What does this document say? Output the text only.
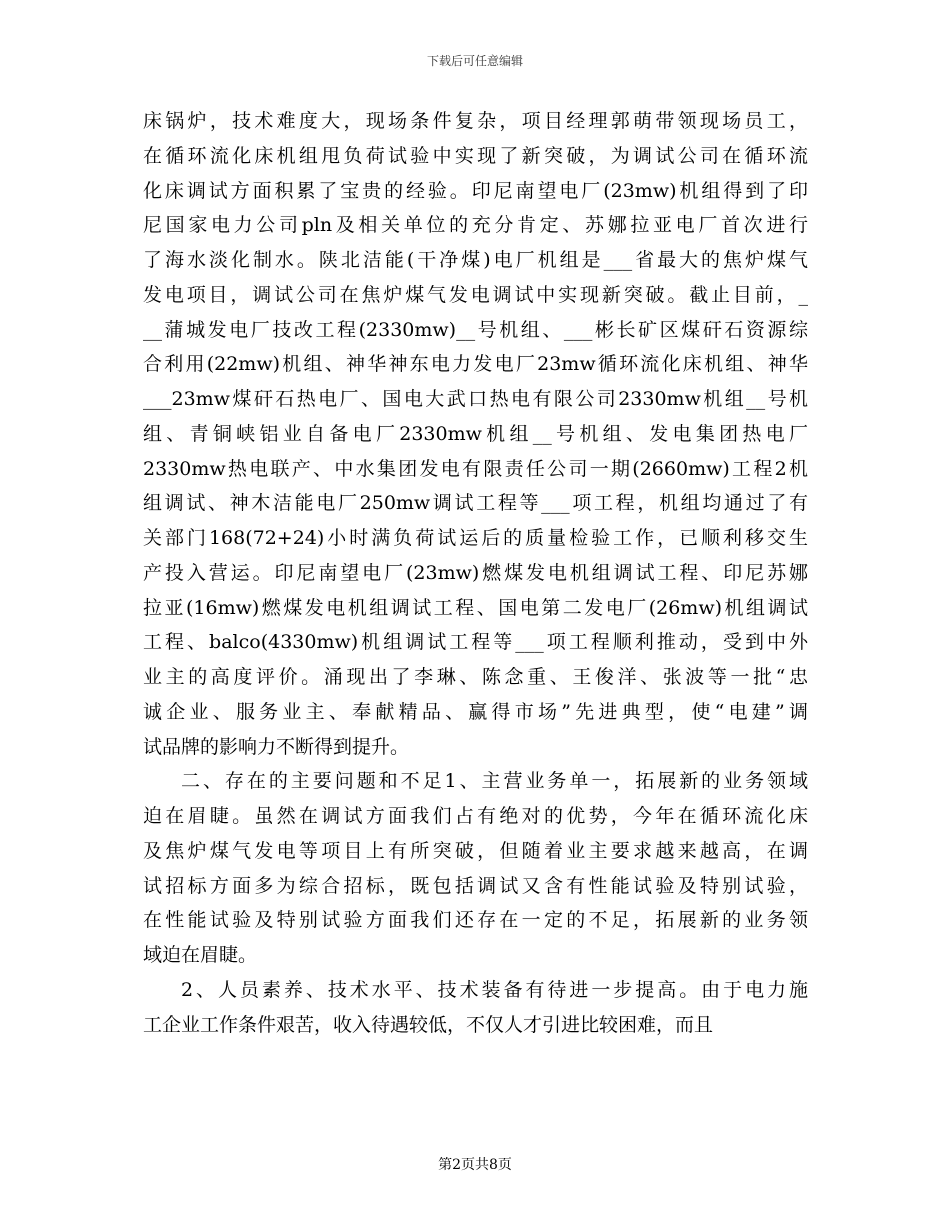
下载后可任意编辑
床锅炉，技术难度大，现场条件复杂，项目经理郭萌带领现场员工，
在循环流化床机组甩负荷试验中实现了新突破，为调试公司在循环流
化床调试方面积累了宝贵的经验。印尼南望电厂(23mw)机组得到了印
尼国家电力公司pln及相关单位的充分肯定、苏娜拉亚电厂首次进行
了海水淡化制水。陕北洁能(干净煤)电厂机组是___省最大的焦炉煤气
发电项目，调试公司在焦炉煤气发电调试中实现新突破。截止目前，_
__蒲城发电厂技改工程(2330mw)__号机组、___彬长矿区煤矸石资源综
合利用(22mw)机组、神华神东电力发电厂23mw循环流化床机组、神华
___23mw煤矸石热电厂、国电大武口热电有限公司2330mw机组__号机
组、青铜峡铝业自备电厂2330mw机组__号机组、发电集团热电厂
2330mw热电联产、中水集团发电有限责任公司一期(2660mw)工程2机
组调试、神木洁能电厂250mw调试工程等___项工程，机组均通过了有
关部门168(72+24)小时满负荷试运后的质量检验工作，已顺利移交生
产投入营运。印尼南望电厂(23mw)燃煤发电机组调试工程、印尼苏娜
拉亚(16mw)燃煤发电机组调试工程、国电第二发电厂(26mw)机组调试
工程、balco(4330mw)机组调试工程等___项工程顺利推动，受到中外
业主的高度评价。涌现出了李琳、陈念重、王俊洋、张波等一批“忠
诚企业、服务业主、奉献精品、赢得市场”先进典型，使“电建”调
试品牌的影响力不断得到提升。
二、存在的主要问题和不足1、主营业务单一，拓展新的业务领域
迫在眉睫。虽然在调试方面我们占有绝对的优势，今年在循环流化床
及焦炉煤气发电等项目上有所突破，但随着业主要求越来越高，在调
试招标方面多为综合招标，既包括调试又含有性能试验及特别试验，
在性能试验及特别试验方面我们还存在一定的不足，拓展新的业务领
域迫在眉睫。
2、人员素养、技术水平、技术装备有待进一步提高。由于电力施
工企业工作条件艰苦，收入待遇较低，不仅人才引进比较困难，而且
第2页共8页
